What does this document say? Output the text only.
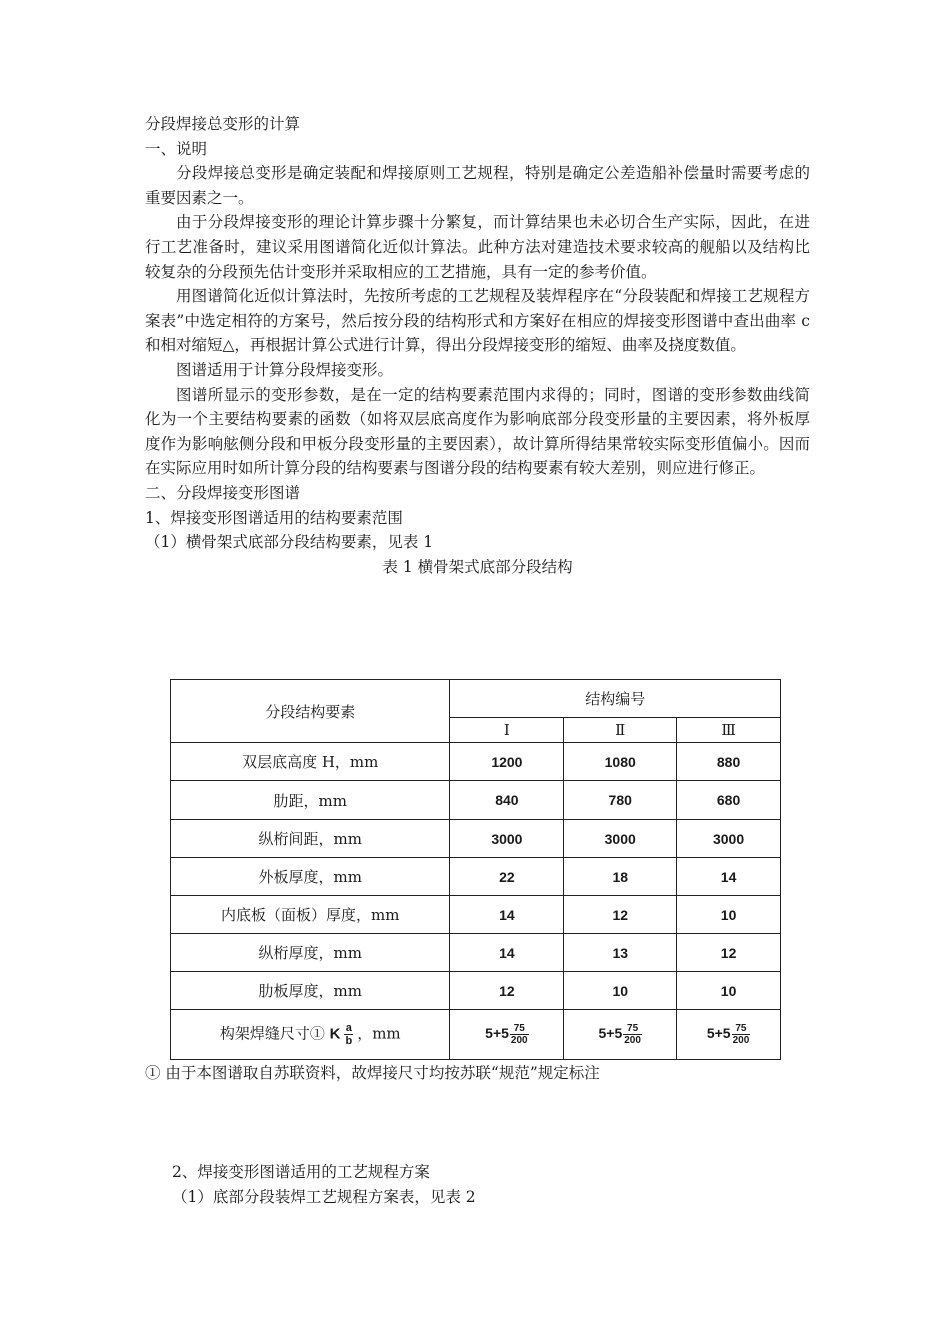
分段焊接总变形的计算

一、说明

分段焊接总变形是确定装配和焊接原则工艺规程，特别是确定公差造船补偿量时需要考虑的重要因素之一。

由于分段焊接变形的理论计算步骤十分繁复，而计算结果也未必切合生产实际，因此，在进行工艺准备时，建议采用图谱简化近似计算法。此种方法对建造技术要求较高的舰船以及结构比较复杂的分段预先估计变形并采取相应的工艺措施，具有一定的参考价值。

用图谱简化近似计算法时，先按所考虑的工艺规程及装焊程序在“分段装配和焊接工艺规程方案表”中选定相符的方案号，然后按分段的结构形式和方案好在相应的焊接变形图谱中查出曲率 c 和相对缩短△，再根据计算公式进行计算，得出分段焊接变形的缩短、曲率及挠度数值。

图谱适用于计算分段焊接变形。

图谱所显示的变形参数，是在一定的结构要素范围内求得的；同时，图谱的变形参数曲线简化为一个主要结构要素的函数（如将双层底高度作为影响底部分段变形量的主要因素，将外板厚度作为影响舷侧分段和甲板分段变形量的主要因素），故计算所得结果常较实际变形值偏小。因而在实际应用时如所计算分段的结构要素与图谱分段的结构要素有较大差别，则应进行修正。

二、分段焊接变形图谱

1、焊接变形图谱适用的结构要素范围

（1）横骨架式底部分段结构要素，见表 1

表 1 横骨架式底部分段结构

分段结构要素	结构编号		
	Ⅰ	Ⅱ	Ⅲ
双层底高度 H，mm	1200	1080	880
肋距，mm	840	780	680
纵桁间距，mm	3000	3000	3000
外板厚度，mm	22	18	14
内底板（面板）厚度，mm	14	12	10
纵桁厚度，mm	14	13	12
肋板厚度，mm	12	10	10
构架焊缝尺寸① K $\frac{a}{b}$ ，mm	$5+5 \frac{75}{200}$	$5+5 \frac{75}{200}$	$5+5 \frac{75}{200}$

① 由于本图谱取自苏联资料，故焊接尺寸均按苏联“规范”规定标注

2、焊接变形图谱适用的工艺规程方案

（1）底部分段装焊工艺规程方案表，见表 2
